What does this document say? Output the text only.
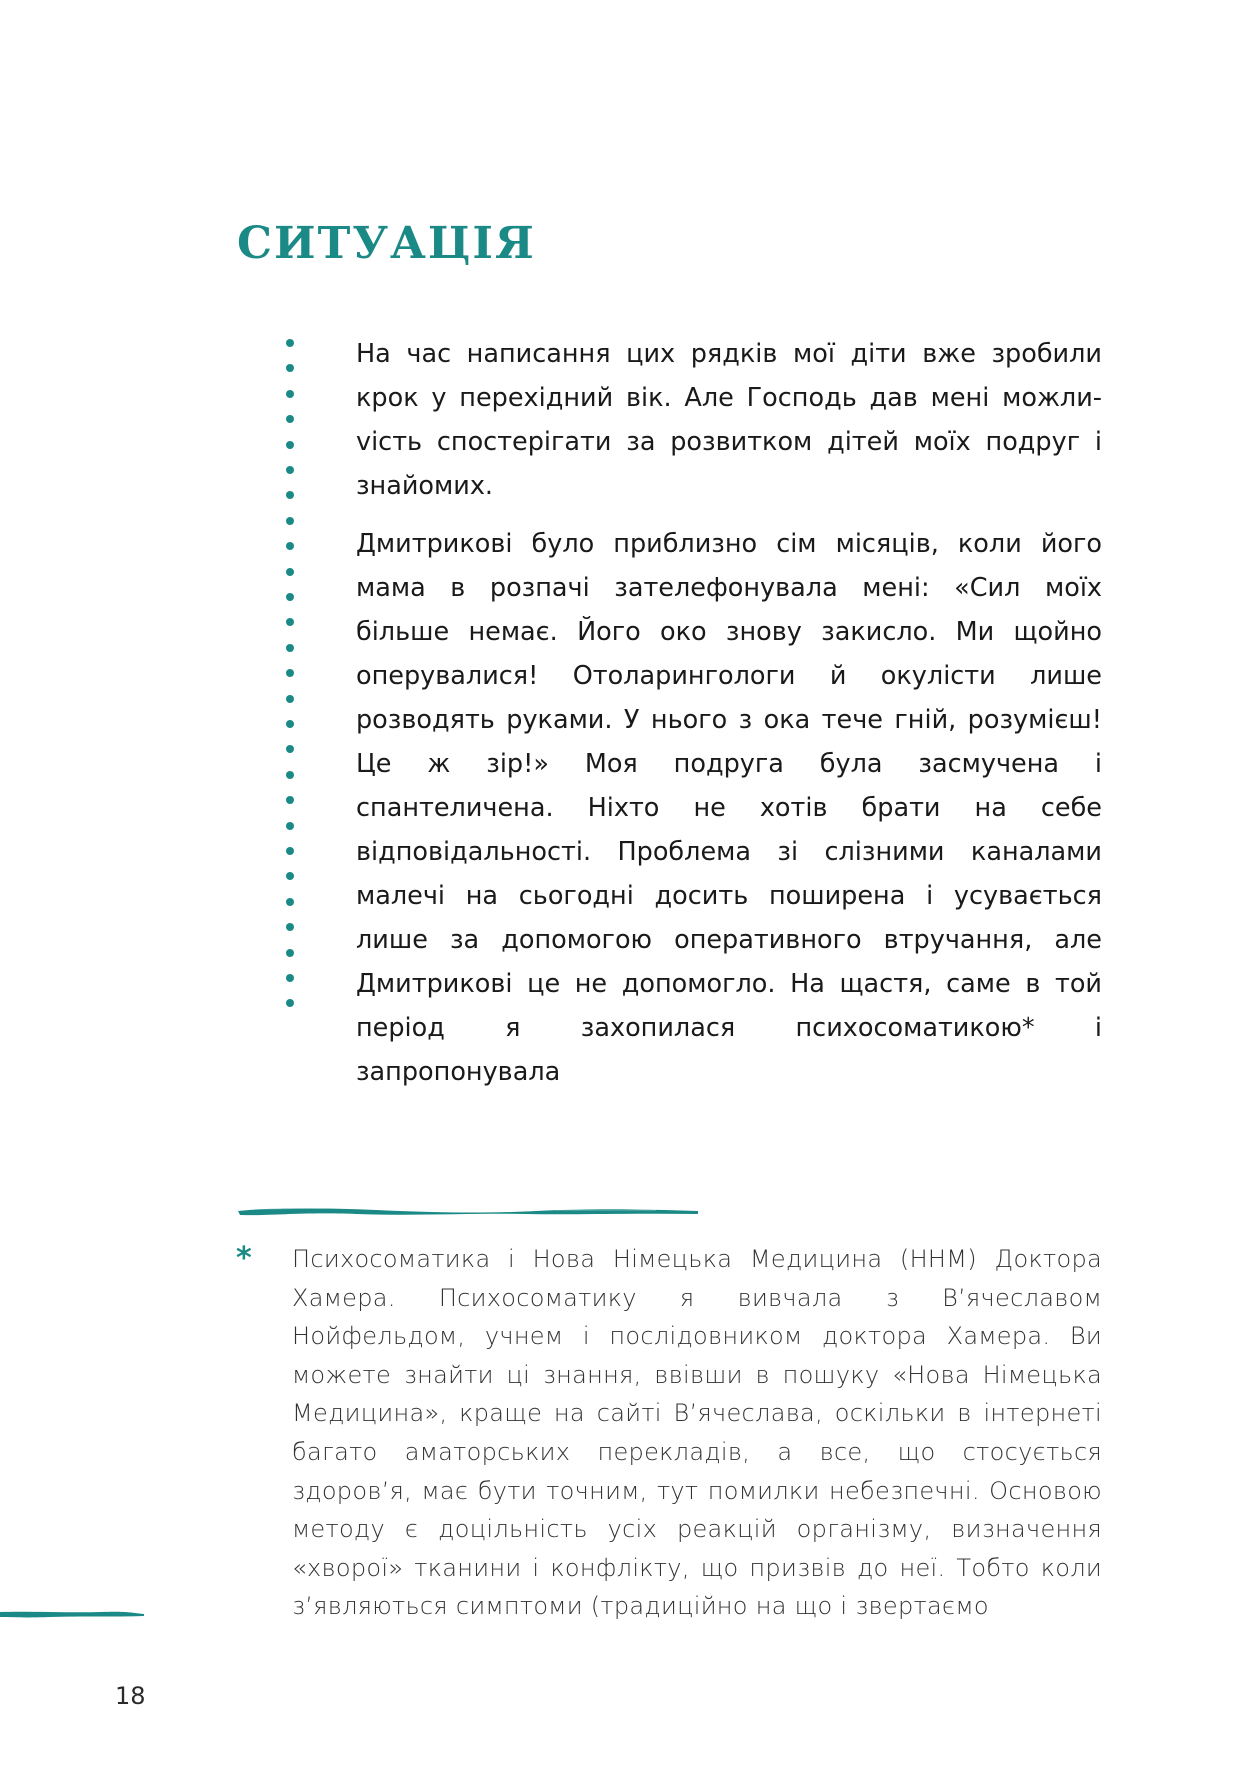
СИТУАЦІЯ

На час написання цих рядків мої діти вже зробили крок у перехідний вік. Але Господь дав мені можлиvість спостерігати за розвитком дітей моїх подруг і знайомих.

Дмитрикові було приблизно сім місяців, коли його мама в розпачі зателефонувала мені: «Сил моїх більше немає. Його око знову закисло. Ми щойно оперувалися! Отоларингологи й окулісти лише розводять руками. У нього з ока тече гній, розумієш! Це ж зір!» Моя подруга була засмучена і спантеличена. Ніхто не хотів брати на себе відповідальності. Проблема зі слізними каналами малечі на сьогодні досить поширена і усувається лише за допомогою оперативного втручання, але Дмитрикові це не допомогло. На щастя, саме в той період я захопилася психосоматикою* і запропонувала

* Психосоматика і Нова Німецька Медицина (ННМ) Доктора Хамера. Психосоматику я вивчала з В’ячеславом Нойфельдом, учнем і послідовником доктора Хамера. Ви можете знайти ці знання, ввівши в пошуку «Нова Німецька Медицина», краще на сайті В’ячеслава, оскільки в інтернеті багато аматорських перекладів, а все, що стосується здоров’я, має бути точним, тут помилки небезпечні. Основою методу є доцільність усіх реакцій організму, визначення «хворої» тканини і конфлікту, що призвів до неї. Тобто коли з’являються симптоми (традиційно на що і звертаємо

18
